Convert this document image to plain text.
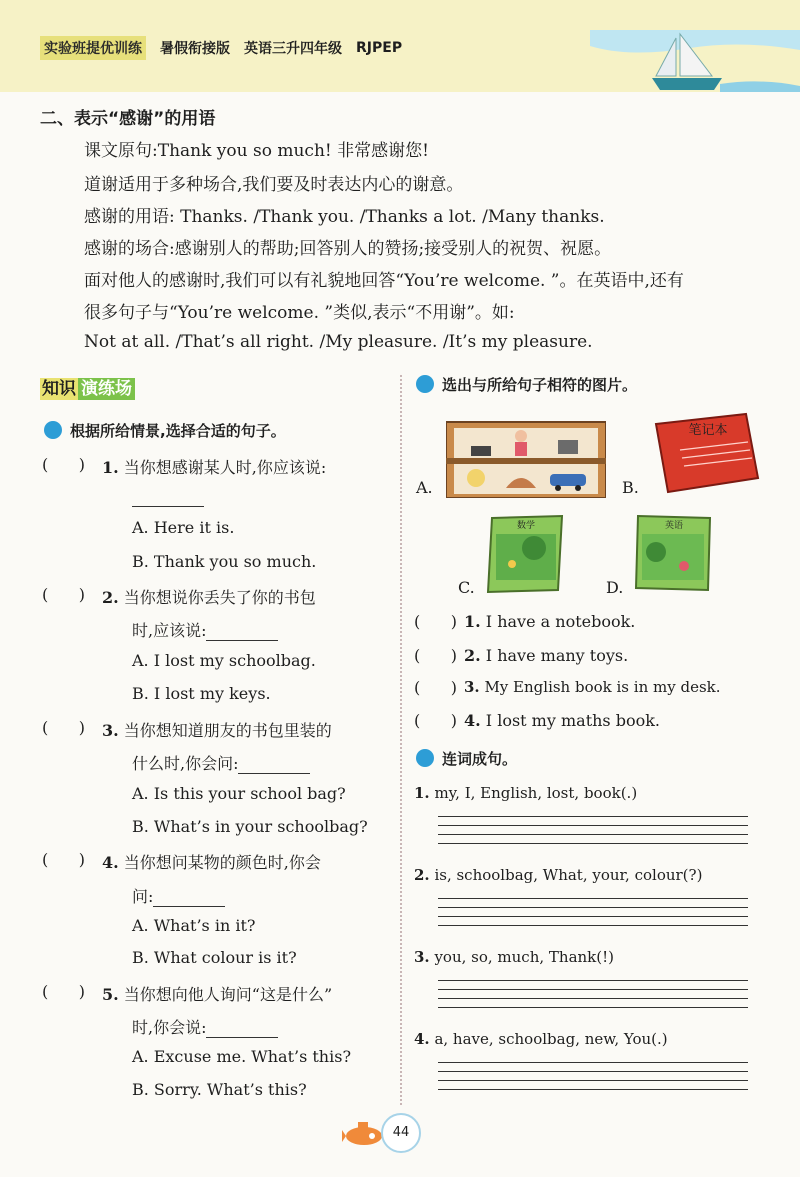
实验班提优训练 暑假衔接版 英语三升四年级 RJPEP
二、表示“感谢”的用语
课文原句:Thank you so much! 非常感谢您!
道谢适用于多种场合,我们要及时表达内心的谢意。
感谢的用语: Thanks. /Thank you. /Thanks a lot. /Many thanks.
感谢的场合:感谢别人的帮助;回答别人的赞扬;接受别人的祝贺、祝愿。
面对他人的感谢时,我们可以有礼貌地回答“You’re welcome. ”。在英语中,还有
很多句子与“You’re welcome. ”类似,表示“不用谢”。如:
Not at all. /That’s all right. /My pleasure. /It’s my pleasure.
知识 演练场
根据所给情景,选择合适的句子。
(      ) 1. 当你想感谢某人时,你应该说:
A. Here it is.
B. Thank you so much.
(      ) 2. 当你想说你丢失了你的书包
时,应该说:
A. I lost my schoolbag.
B. I lost my keys.
(      ) 3. 当你想知道朋友的书包里装的
什么时,你会问:
A. Is this your school bag?
B. What’s in your schoolbag?
(      ) 4. 当你想问某物的颜色时,你会
问:
A. What’s in it?
B. What colour is it?
(      ) 5. 当你想向他人询问“这是什么”
时,你会说:
A. Excuse me. What’s this?
B. Sorry. What’s this?
选出与所给句子相符的图片。
A.
笔记本
B.
数学
C.
英语
D.
(      ) 1. I have a notebook.
(      ) 2. I have many toys.
(      ) 3. My English book is in my desk.
(      ) 4. I lost my maths book.
连词成句。
1. my, I, English, lost, book(.)
2. is, schoolbag, What, your, colour(?)
3. you, so, much, Thank(!)
4. a, have, schoolbag, new, You(.)
44
